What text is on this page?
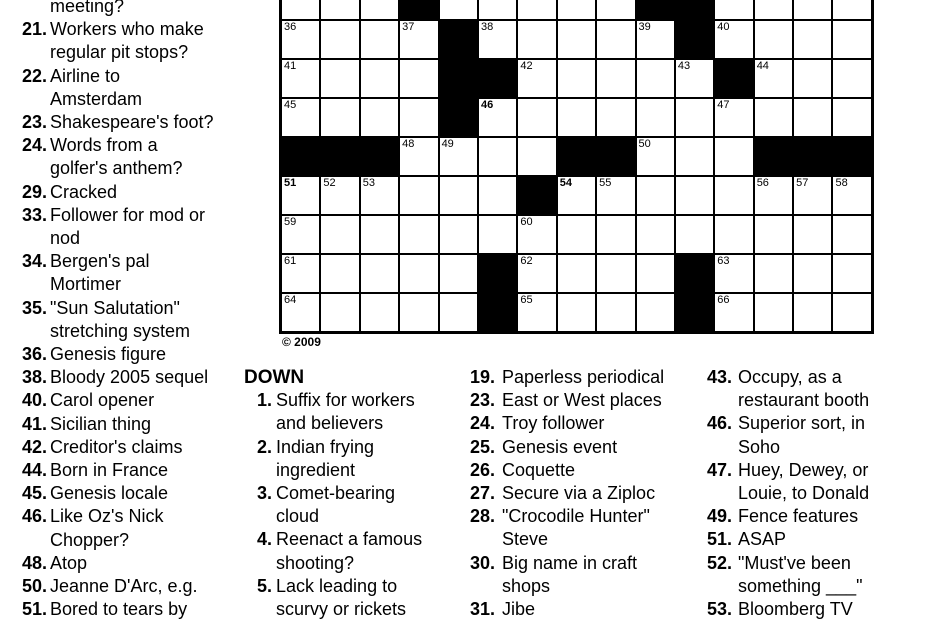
meeting?
21. Workers who make
regular pit stops?
22. Airline to
Amsterdam
23. Shakespeare's foot?
24. Words from a
golfer's anthem?
29. Cracked
33. Follower for mod or
nod
34. Bergen's pal
Mortimer
35. "Sun Salutation"
stretching system
36. Genesis figure
38. Bloody 2005 sequel
40. Carol opener
41. Sicilian thing
42. Creditor's claims
44. Born in France
45. Genesis locale
46. Like Oz's Nick
Chopper?
48. Atop
50. Jeanne D'Arc, e.g.
51. Bored to tears by
36	37	38	39	40
41	42	43	44
45	46	47
48 49	50
51 52 53	54 55	56 57 58
59	60
61	62	63
64	65	66
© 2009
DOWN
1. Suffix for workers
and believers
2. Indian frying
ingredient
3. Comet-bearing
cloud
4. Reenact a famous
shooting?
5. Lack leading to
scurvy or rickets
19. Paperless periodical
23. East or West places
24. Troy follower
25. Genesis event
26. Coquette
27. Secure via a Ziploc
28. "Crocodile Hunter"
Steve
30. Big name in craft
shops
31. Jibe
43. Occupy, as a
restaurant booth
46. Superior sort, in
Soho
47. Huey, Dewey, or
Louie, to Donald
49. Fence features
51. ASAP
52. "Must've been
something ___"
53. Bloomberg TV
